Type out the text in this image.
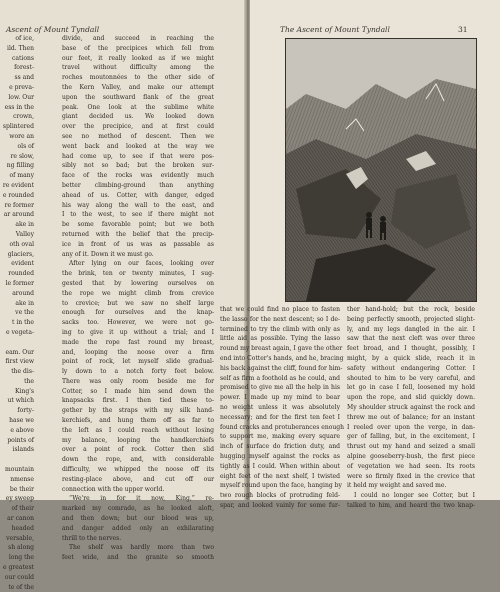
Ascent of Mount Tyndall
of ice,
ild. Then
cations
forest-
ss and
e preva-
low. Our
ess in the
crown,
splintered
wore an
ols of
re slow,
ng filling
of many
re evident
e rounded
re former
ar around
ake in
Valley
oth oval
glaciers,
evident
rounded
le former
around
ake in
ve the
t in the
e vegeta-

eam. Our
first view
the dis-
the
King's
ut which
forty-
hase we
e above
points of
islands

mountain
nmense
be their
ey sweep
of their
ar canon
headed
versable,
sh along
long the
e greatest
our could
te of the
divide, and succeed in reaching the
base of the precipices which fell from
our feet, it really looked as if we might
travel without difficulty among the
roches moutonnées to the other side of
the Kern Valley, and make our attempt
upon the southward flank of the great
peak. One look at the sublime white
giant decided us. We looked down
over the precipice, and at first could
see no method of descent. Then we
went back and looked at the way we
had come up, to see if that were pos-
sibly not so bad; but the broken sur-
face of the rocks was evidently much
better climbing-ground than anything
ahead of us. Cotter, with danger, edged
his way along the wall to the east, and
I to the west, to see if there might not
be some favorable point; but we both
returned with the belief that the precip-
ice in front of us was as passable as
any of it. Down it we must go.
After lying on our faces, looking over
the brink, ten or twenty minutes, I sug-
gested that by lowering ourselves on
the rope we might climb from crevice
to crevice; but we saw no shelf large
enough for ourselves and the knap-
sacks too. However, we were not go-
ing to give it up without a trial; and I
made the rope fast round my breast,
and, looping the noose over a firm
point of rock, let myself slide gradual-
ly down to a notch forty feet below.
There was only room beside me for
Cotter, so I made him send down the
knapsacks first. I then tied these to-
gether by the straps with my silk hand-
kerchiefs, and hung them off as far to
the left as I could reach without losing
my balance, looping the handkerchiefs
over a point of rock. Cotter then slid
down the rope, and, with considerable
difficulty, we whipped the noose off its
resting-place above, and cut off our
connection with the upper world.
“We're in for it now, King,” re-
marked my comrade, as he looked aloft,
and then down; but our blood was up,
and danger added only an exhilarating
thrill to the nerves.
The shelf was hardly more than two
feet wide, and the granite so smooth
The Ascent of Mount Tyndall	31
that we could find no place to fasten
the lasso for the next descent; so I de-
termined to try the climb with only as
little aid as possible. Tying the lasso
round my breast again, I gave the other
end into Cotter's hands, and he, bracing
his back against the cliff, found for him-
self as firm a foothold as he could, and
promised to give me all the help in his
power. I made up my mind to bear
no weight unless it was absolutely
necessary; and for the first ten feet I
found cracks and protuberances enough
to support me, making every square
inch of surface do friction duty, and
hugging myself against the rocks as
tightly as I could. When within about
eight feet of the next shelf, I twisted
myself round upon the face, hanging by
two rough blocks of protruding feld-
spar, and looked vainly for some fur-
ther hand-hold; but the rock, beside
being perfectly smooth, projected slight-
ly, and my legs dangled in the air. I
saw that the next cleft was over three
feet broad, and I thought, possibly, I
might, by a quick slide, reach it in
safety without endangering Cotter. I
shouted to him to be very careful, and
let go in case I fell, loosened my hold
upon the rope, and slid quickly down.
My shoulder struck against the rock and
threw me out of balance; for an instant
I reeled over upon the verge, in dan-
ger of falling, but, in the excitement, I
thrust out my hand and seized a small
alpine gooseberry-bush, the first piece
of vegetation we had seen. Its roots
were so firmly fixed in the crevice that
it held my weight and saved me.
I could no longer see Cotter, but I
talked to him, and heard the two knap-
